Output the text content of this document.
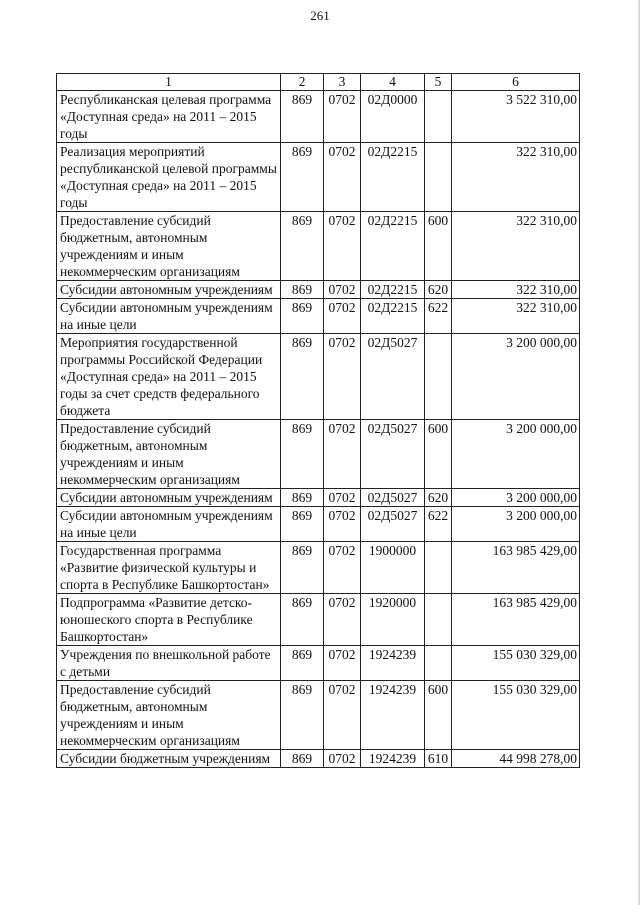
261
1	2	3	4	5	6
Республиканская целевая программа «Доступная среда» на 2011 – 2015 годы	869	0702	02Д0000		3 522 310,00
Реализация мероприятий республиканской целевой программы «Доступная среда» на 2011 – 2015 годы	869	0702	02Д2215		322 310,00
Предоставление субсидий бюджетным, автономным учреждениям и иным некоммерческим организациям	869	0702	02Д2215	600	322 310,00
Субсидии автономным учреждениям	869	0702	02Д2215	620	322 310,00
Субсидии автономным учреждениям на иные цели	869	0702	02Д2215	622	322 310,00
Мероприятия государственной программы Российской Федерации «Доступная среда» на 2011 – 2015 годы за счет средств федерального бюджета	869	0702	02Д5027		3 200 000,00
Предоставление субсидий бюджетным, автономным учреждениям и иным некоммерческим организациям	869	0702	02Д5027	600	3 200 000,00
Субсидии автономным учреждениям	869	0702	02Д5027	620	3 200 000,00
Субсидии автономным учреждениям на иные цели	869	0702	02Д5027	622	3 200 000,00
Государственная программа «Развитие физической культуры и спорта в Республике Башкортостан»	869	0702	1900000		163 985 429,00
Подпрограмма «Развитие детско-юношеского спорта в Республике Башкортостан»	869	0702	1920000		163 985 429,00
Учреждения по внешкольной работе с детьми	869	0702	1924239		155 030 329,00
Предоставление субсидий бюджетным, автономным учреждениям и иным некоммерческим организациям	869	0702	1924239	600	155 030 329,00
Субсидии бюджетным учреждениям	869	0702	1924239	610	44 998 278,00
